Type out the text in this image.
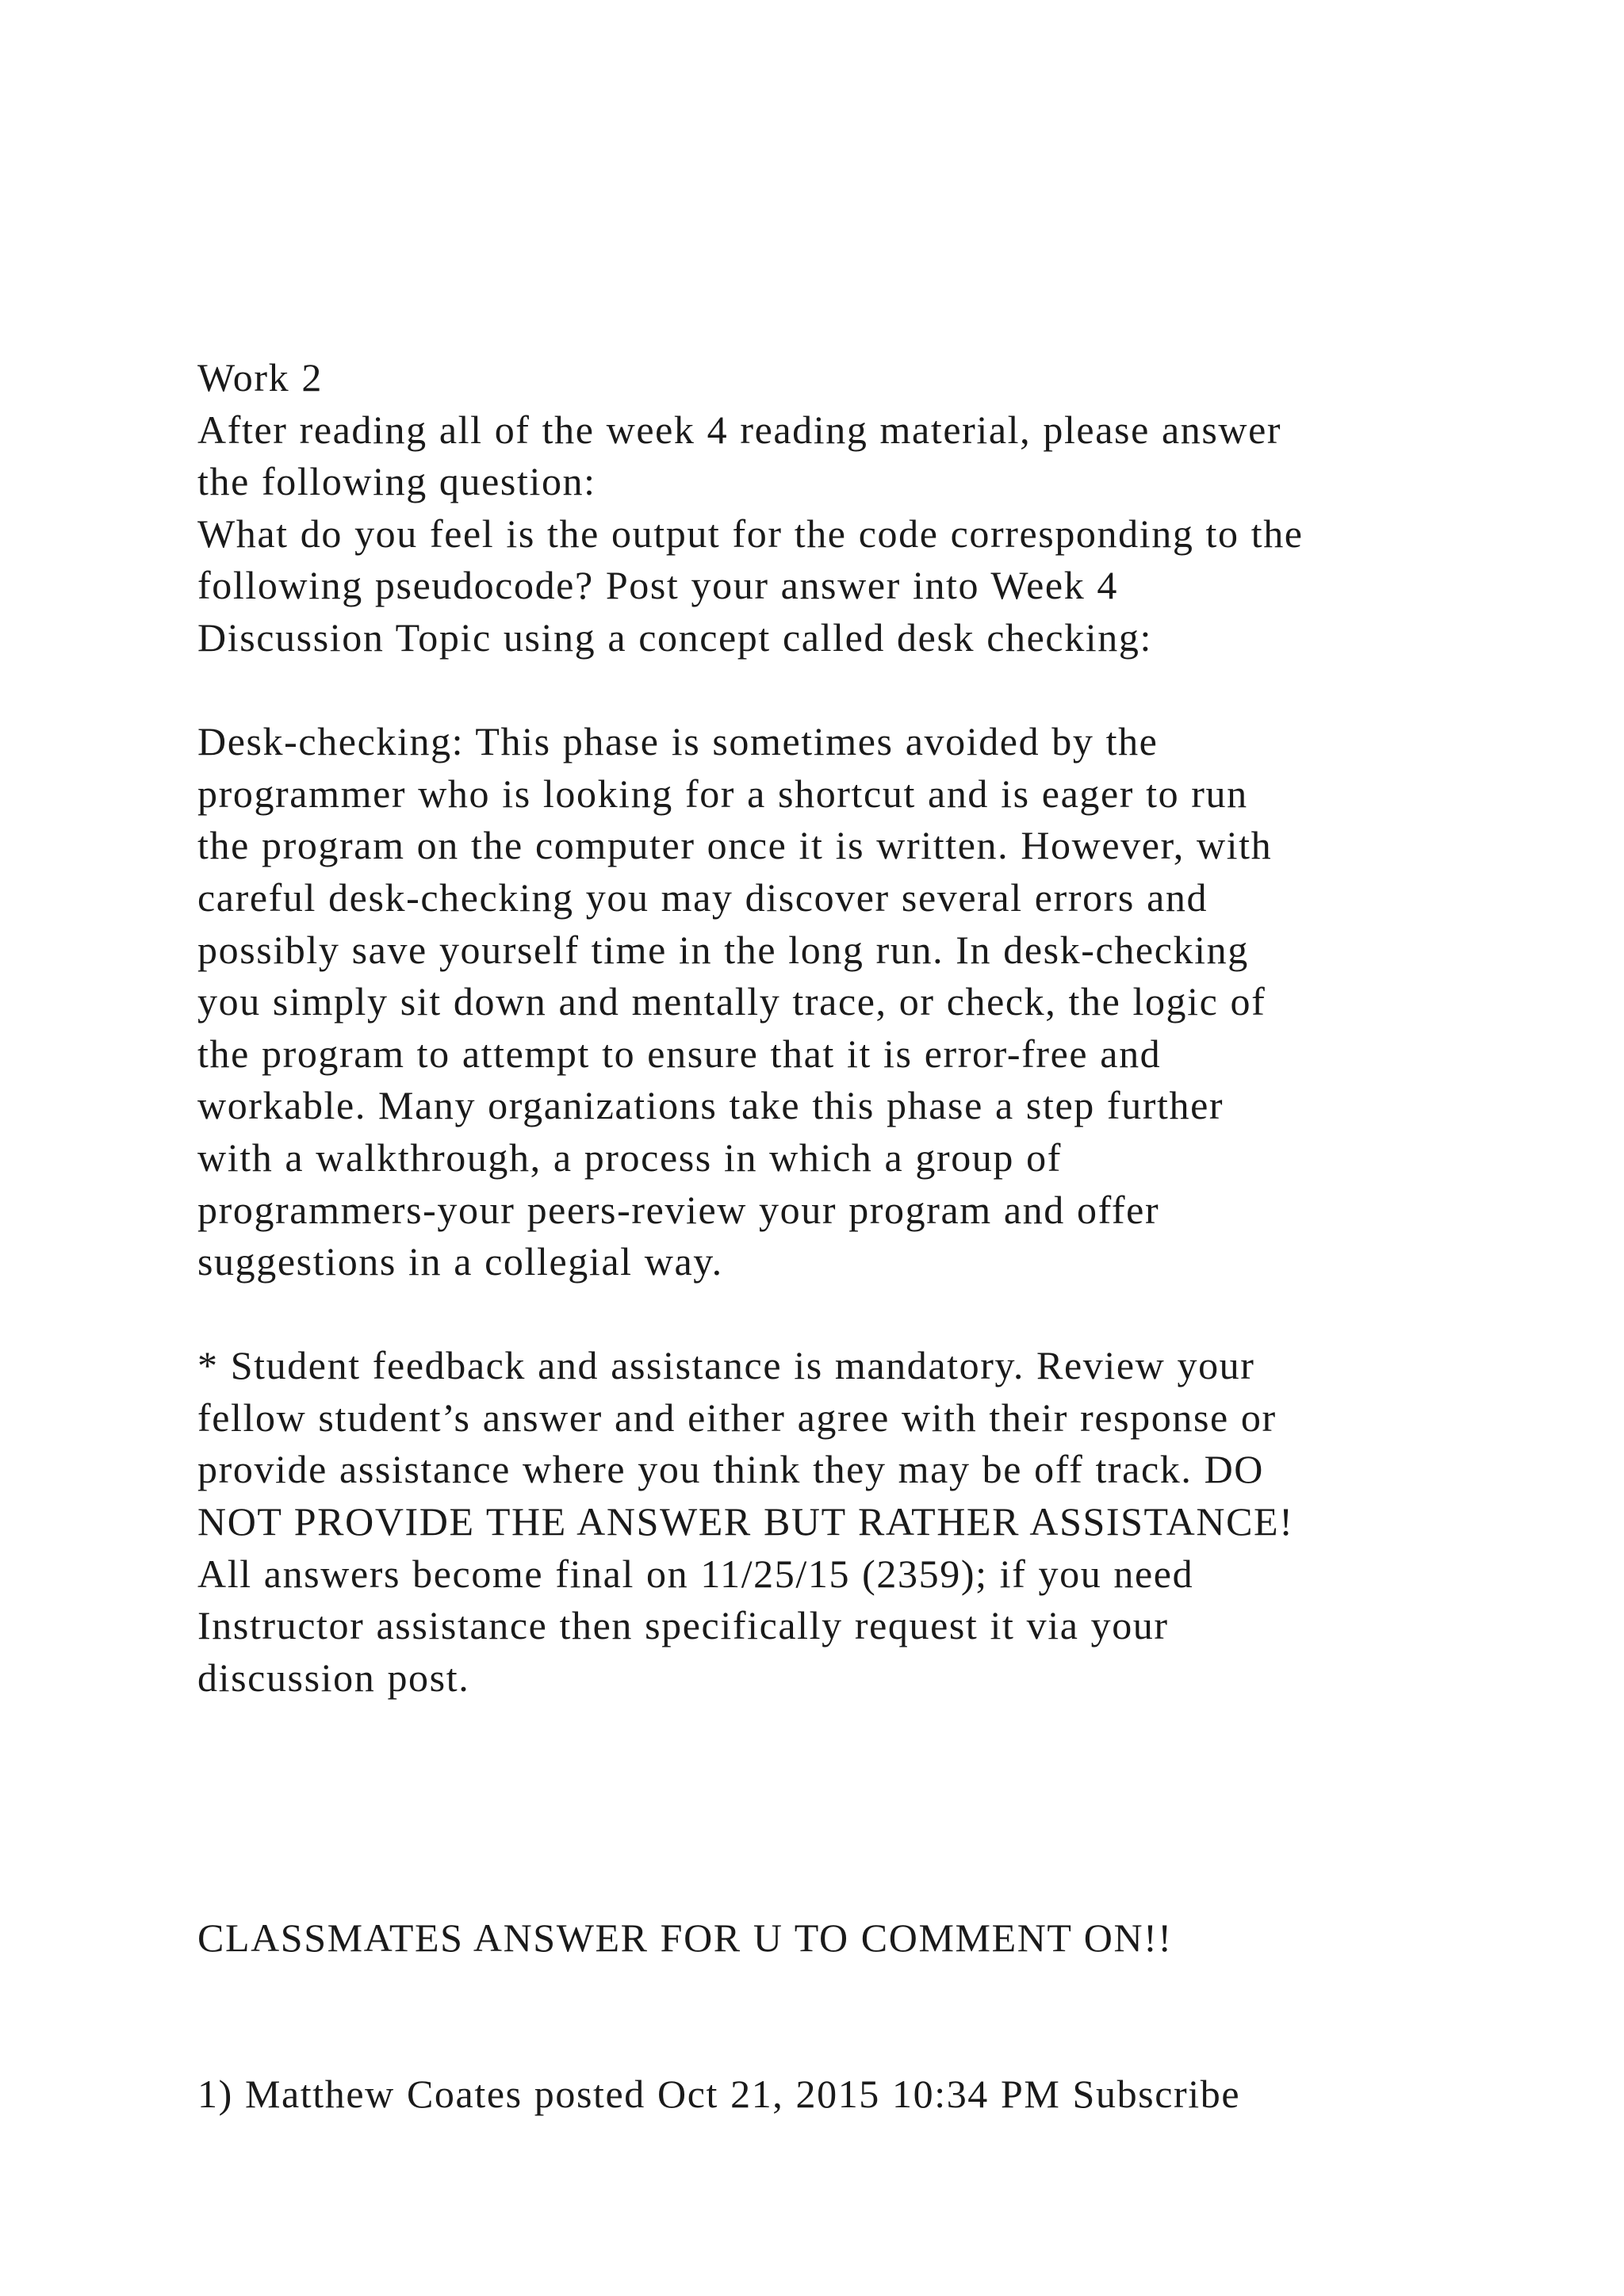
Work 2
After reading all of the week 4 reading material, please answer
the following question:
What do you feel is the output for the code corresponding to the
following pseudocode? Post your answer into Week 4
Discussion Topic using a concept called desk checking:
Desk-checking: This phase is sometimes avoided by the
programmer who is looking for a shortcut and is eager to run
the program on the computer once it is written. However, with
careful desk-checking you may discover several errors and
possibly save yourself time in the long run. In desk-checking
you simply sit down and mentally trace, or check, the logic of
the program to attempt to ensure that it is error-free and
workable. Many organizations take this phase a step further
with a walkthrough, a process in which a group of
programmers-your peers-review your program and offer
suggestions in a collegial way.
* Student feedback and assistance is mandatory. Review your
fellow student’s answer and either agree with their response or
provide assistance where you think they may be off track. DO
NOT PROVIDE THE ANSWER BUT RATHER ASSISTANCE!
All answers become final on 11/25/15 (2359); if you need
Instructor assistance then specifically request it via your
discussion post.
CLASSMATES ANSWER FOR U TO COMMENT ON!!
1) Matthew Coates posted Oct 21, 2015 10:34 PM Subscribe
